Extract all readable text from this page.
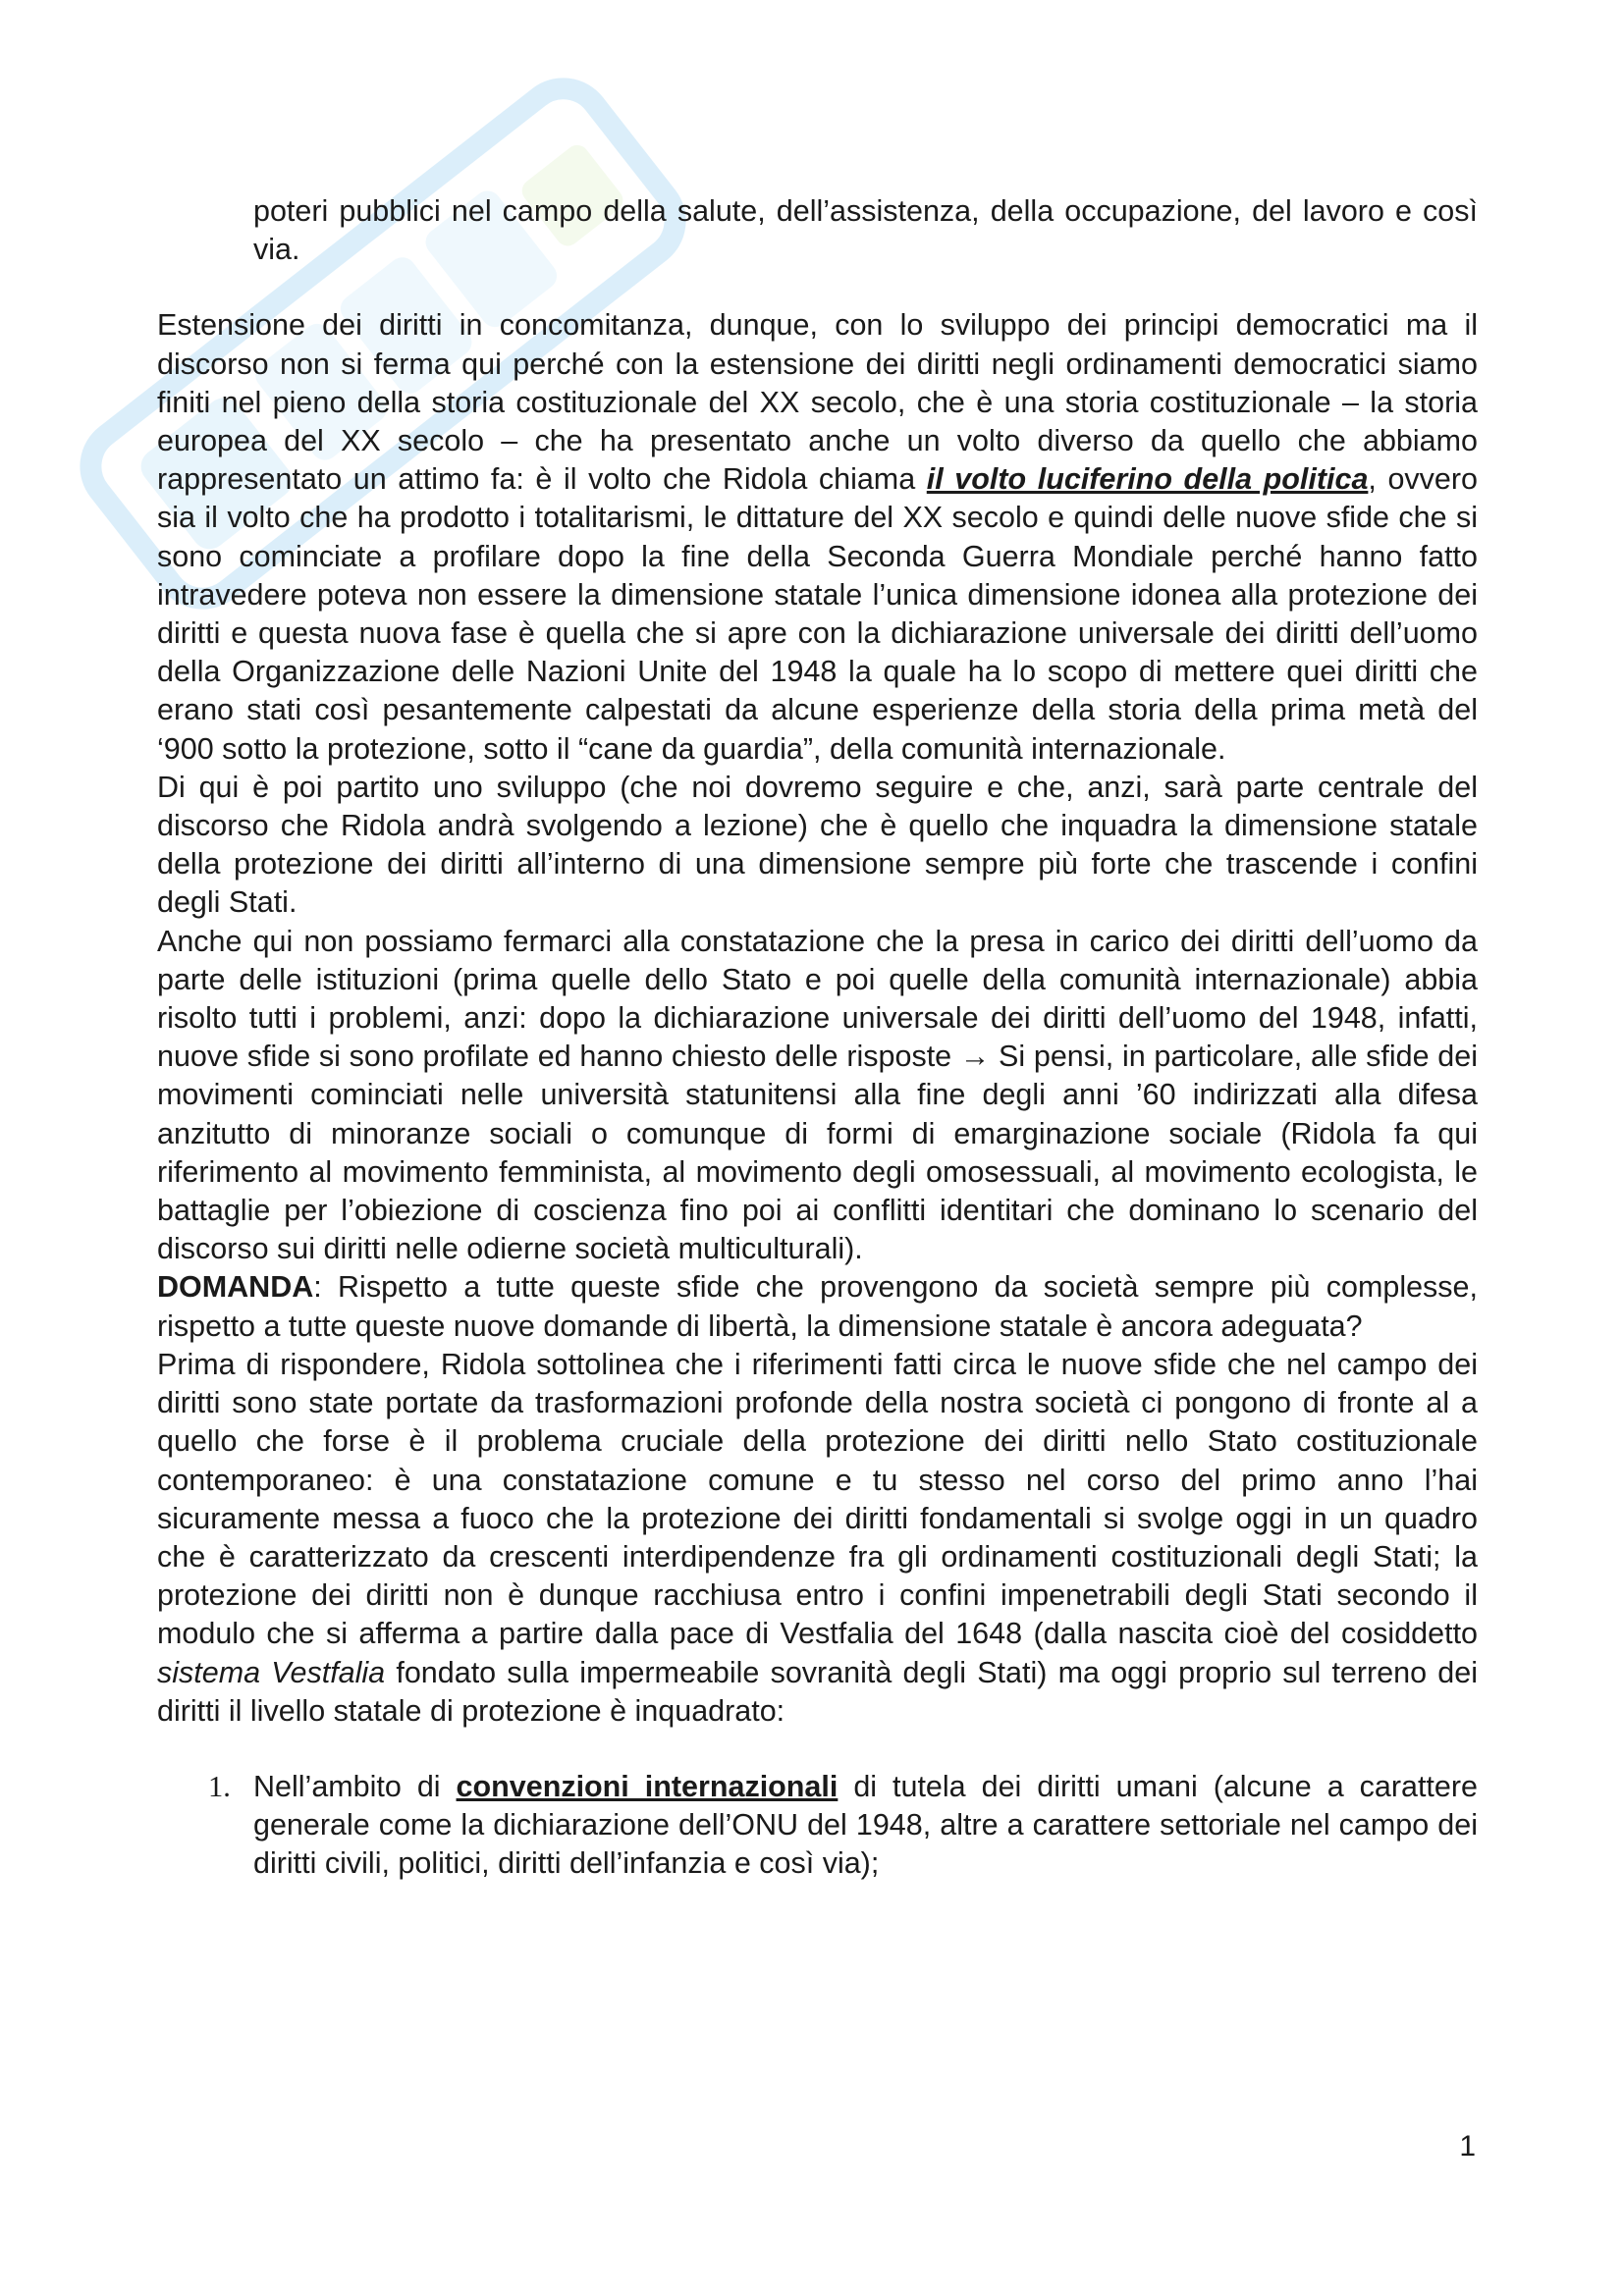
poteri pubblici nel campo della salute, dell’assistenza, della occupazione, del lavoro e così via.

Estensione dei diritti in concomitanza, dunque, con lo sviluppo dei principi democratici ma il discorso non si ferma qui perché con la estensione dei diritti negli ordinamenti democratici siamo finiti nel pieno della storia costituzionale del XX secolo, che è una storia costituzionale – la storia europea del XX secolo – che ha presentato anche un volto diverso da quello che abbiamo rappresentato un attimo fa: è il volto che Ridola chiama il volto luciferino della politica, ovvero sia il volto che ha prodotto i totalitarismi, le dittature del XX secolo e quindi delle nuove sfide che si sono cominciate a profilare dopo la fine della Seconda Guerra Mondiale perché hanno fatto intravedere poteva non essere la dimensione statale l’unica dimensione idonea alla protezione dei diritti e questa nuova fase è quella che si apre con la dichiarazione universale dei diritti dell’uomo della Organizzazione delle Nazioni Unite del 1948 la quale ha lo scopo di mettere quei diritti che erano stati così pesantemente calpestati da alcune esperienze della storia della prima metà del ‘900 sotto la protezione, sotto il “cane da guardia”, della comunità internazionale.

Di qui è poi partito uno sviluppo (che noi dovremo seguire e che, anzi, sarà parte centrale del discorso che Ridola andrà svolgendo a lezione) che è quello che inquadra la dimensione statale della protezione dei diritti all’interno di una dimensione sempre più forte che trascende i confini degli Stati.

Anche qui non possiamo fermarci alla constatazione che la presa in carico dei diritti dell’uomo da parte delle istituzioni (prima quelle dello Stato e poi quelle della comunità internazionale) abbia risolto tutti i problemi, anzi: dopo la dichiarazione universale dei diritti dell’uomo del 1948, infatti, nuove sfide si sono profilate ed hanno chiesto delle risposte → Si pensi, in particolare, alle sfide dei movimenti cominciati nelle università statunitensi alla fine degli anni ’60 indirizzati alla difesa anzitutto di minoranze sociali o comunque di formi di emarginazione sociale (Ridola fa qui riferimento al movimento femminista, al movimento degli omosessuali, al movimento ecologista, le battaglie per l’obiezione di coscienza fino poi ai conflitti identitari che dominano lo scenario del discorso sui diritti nelle odierne società multiculturali).

DOMANDA: Rispetto a tutte queste sfide che provengono da società sempre più complesse, rispetto a tutte queste nuove domande di libertà, la dimensione statale è ancora adeguata?

Prima di rispondere, Ridola sottolinea che i riferimenti fatti circa le nuove sfide che nel campo dei diritti sono state portate da trasformazioni profonde della nostra società ci pongono di fronte al a quello che forse è il problema cruciale della protezione dei diritti nello Stato costituzionale contemporaneo: è una constatazione comune e tu stesso nel corso del primo anno l’hai sicuramente messa a fuoco che la protezione dei diritti fondamentali si svolge oggi in un quadro che è caratterizzato da crescenti interdipendenze fra gli ordinamenti costituzionali degli Stati; la protezione dei diritti non è dunque racchiusa entro i confini impenetrabili degli Stati secondo il modulo che si afferma a partire dalla pace di Vestfalia del 1648 (dalla nascita cioè del cosiddetto sistema Vestfalia fondato sulla impermeabile sovranità degli Stati) ma oggi proprio sul terreno dei diritti il livello statale di protezione è inquadrato:

1. Nell’ambito di convenzioni internazionali di tutela dei diritti umani (alcune a carattere generale come la dichiarazione dell’ONU del 1948, altre a carattere settoriale nel campo dei diritti civili, politici, diritti dell’infanzia e così via);

1
